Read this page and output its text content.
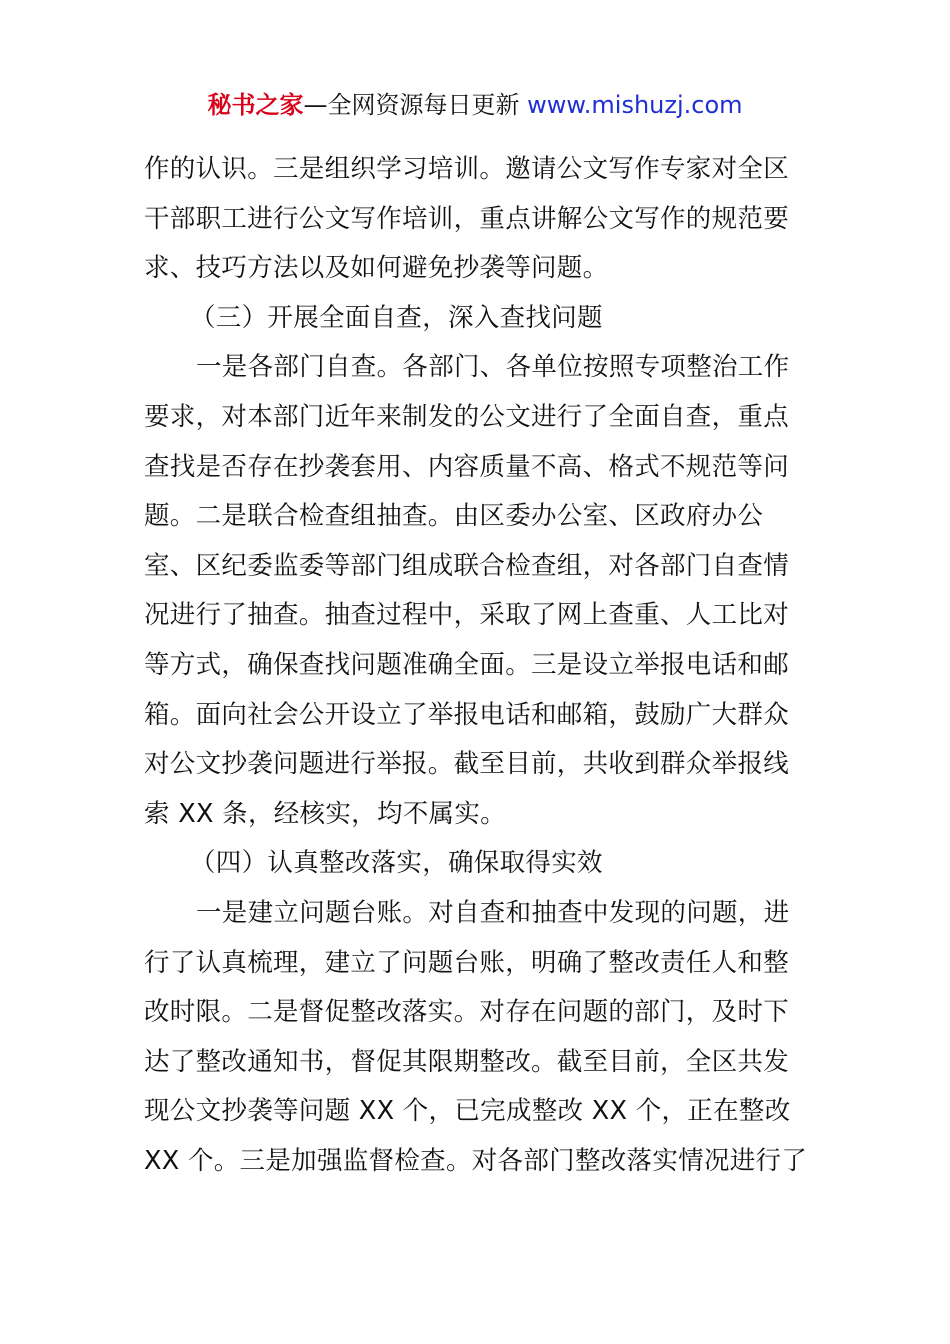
秘书之家—全网资源每日更新 www.mishuzj.com
作的认识。三是组织学习培训。邀请公文写作专家对全区
干部职工进行公文写作培训，重点讲解公文写作的规范要
求、技巧方法以及如何避免抄袭等问题。
（三）开展全面自查，深入查找问题
一是各部门自查。各部门、各单位按照专项整治工作
要求，对本部门近年来制发的公文进行了全面自查，重点
查找是否存在抄袭套用、内容质量不高、格式不规范等问
题。二是联合检查组抽查。由区委办公室、区政府办公
室、区纪委监委等部门组成联合检查组，对各部门自查情
况进行了抽查。抽查过程中，采取了网上查重、人工比对
等方式，确保查找问题准确全面。三是设立举报电话和邮
箱。面向社会公开设立了举报电话和邮箱，鼓励广大群众
对公文抄袭问题进行举报。截至目前，共收到群众举报线
索 XX 条，经核实，均不属实。
（四）认真整改落实，确保取得实效
一是建立问题台账。对自查和抽查中发现的问题，进
行了认真梳理，建立了问题台账，明确了整改责任人和整
改时限。二是督促整改落实。对存在问题的部门，及时下
达了整改通知书，督促其限期整改。截至目前，全区共发
现公文抄袭等问题 XX 个，已完成整改 XX 个，正在整改
XX 个。三是加强监督检查。对各部门整改落实情况进行了
